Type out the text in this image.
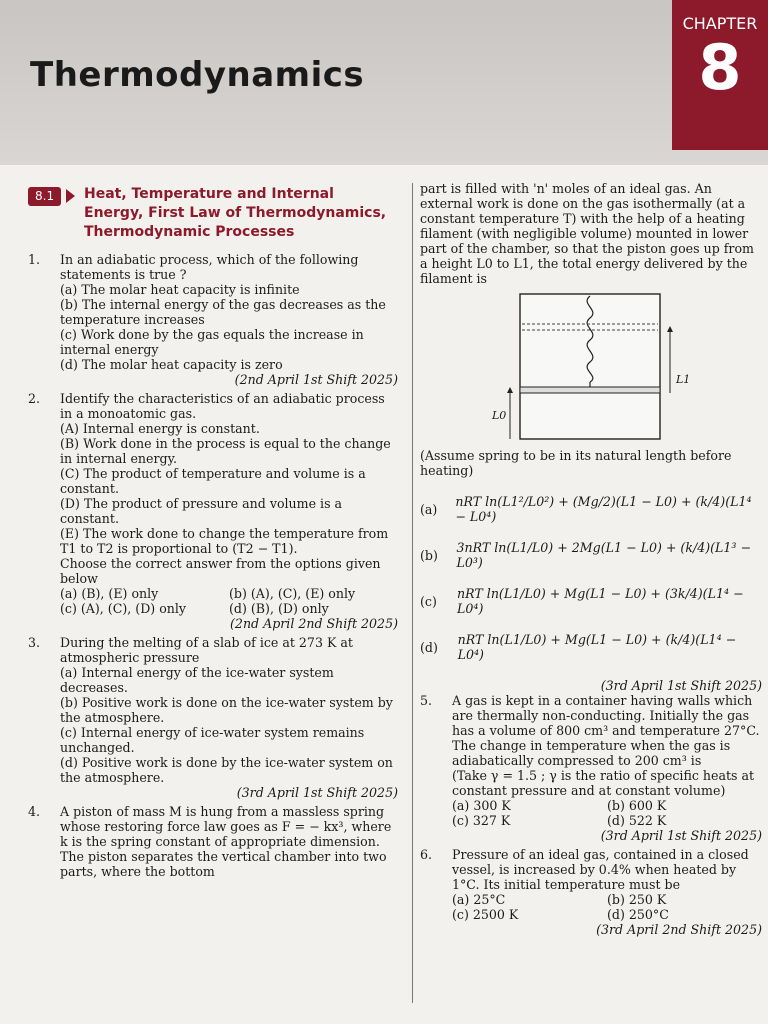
Thermodynamics
CHAPTER
8
8.1	Heat, Temperature and Internal Energy, First Law of Thermodynamics, Thermodynamic Processes
1. In an adiabatic process, which of the following statements is true ?
(a) The molar heat capacity is infinite
(b) The internal energy of the gas decreases as the temperature increases
(c) Work done by the gas equals the increase in internal energy
(d) The molar heat capacity is zero
(2nd April 1st Shift 2025)
2. Identify the characteristics of an adiabatic process in a monoatomic gas.
(A) Internal energy is constant.
(B) Work done in the process is equal to the change in internal energy.
(C) The product of temperature and volume is a constant.
(D) The product of pressure and volume is a constant.
(E) The work done to change the temperature from T1 to T2 is proportional to (T2 − T1).
Choose the correct answer from the options given below
(a) (B), (E) only	(b) (A), (C), (E) only
(c) (A), (C), (D) only	(d) (B), (D) only
(2nd April 2nd Shift 2025)
3. During the melting of a slab of ice at 273 K at atmospheric pressure
(a) Internal energy of the ice-water system decreases.
(b) Positive work is done on the ice-water system by the atmosphere.
(c) Internal energy of ice-water system remains unchanged.
(d) Positive work is done by the ice-water system on the atmosphere.
(3rd April 1st Shift 2025)
4. A piston of mass M is hung from a massless spring whose restoring force law goes as F = − kx³, where k is the spring constant of appropriate dimension. The piston separates the vertical chamber into two parts, where the bottom
part is filled with 'n' moles of an ideal gas. An external work is done on the gas isothermally (at a constant temperature T) with the help of a heating filament (with negligible volume) mounted in lower part of the chamber, so that the piston goes up from a height L0 to L1, the total energy delivered by the filament is
L1
L0
(Assume spring to be in its natural length before heating)
(a)	nRT ln(L1²/L0²) + (Mg/2)(L1 − L0) + (k/4)(L1⁴ − L0⁴)
(b)	3nRT ln(L1/L0) + 2Mg(L1 − L0) + (k/4)(L1³ − L0³)
(c)	nRT ln(L1/L0) + Mg(L1 − L0) + (3k/4)(L1⁴ − L0⁴)
(d)	nRT ln(L1/L0) + Mg(L1 − L0) + (k/4)(L1⁴ − L0⁴)
(3rd April 1st Shift 2025)
5. A gas is kept in a container having walls which are thermally non-conducting. Initially the gas has a volume of 800 cm³ and temperature 27°C. The change in temperature when the gas is adiabatically compressed to 200 cm³ is
(Take γ = 1.5 ; γ is the ratio of specific heats at constant pressure and at constant volume)
(a) 300 K	(b) 600 K
(c) 327 K	(d) 522 K
(3rd April 1st Shift 2025)
6. Pressure of an ideal gas, contained in a closed vessel, is increased by 0.4% when heated by 1°C. Its initial temperature must be
(a) 25°C	(b) 250 K
(c) 2500 K	(d) 250°C
(3rd April 2nd Shift 2025)
